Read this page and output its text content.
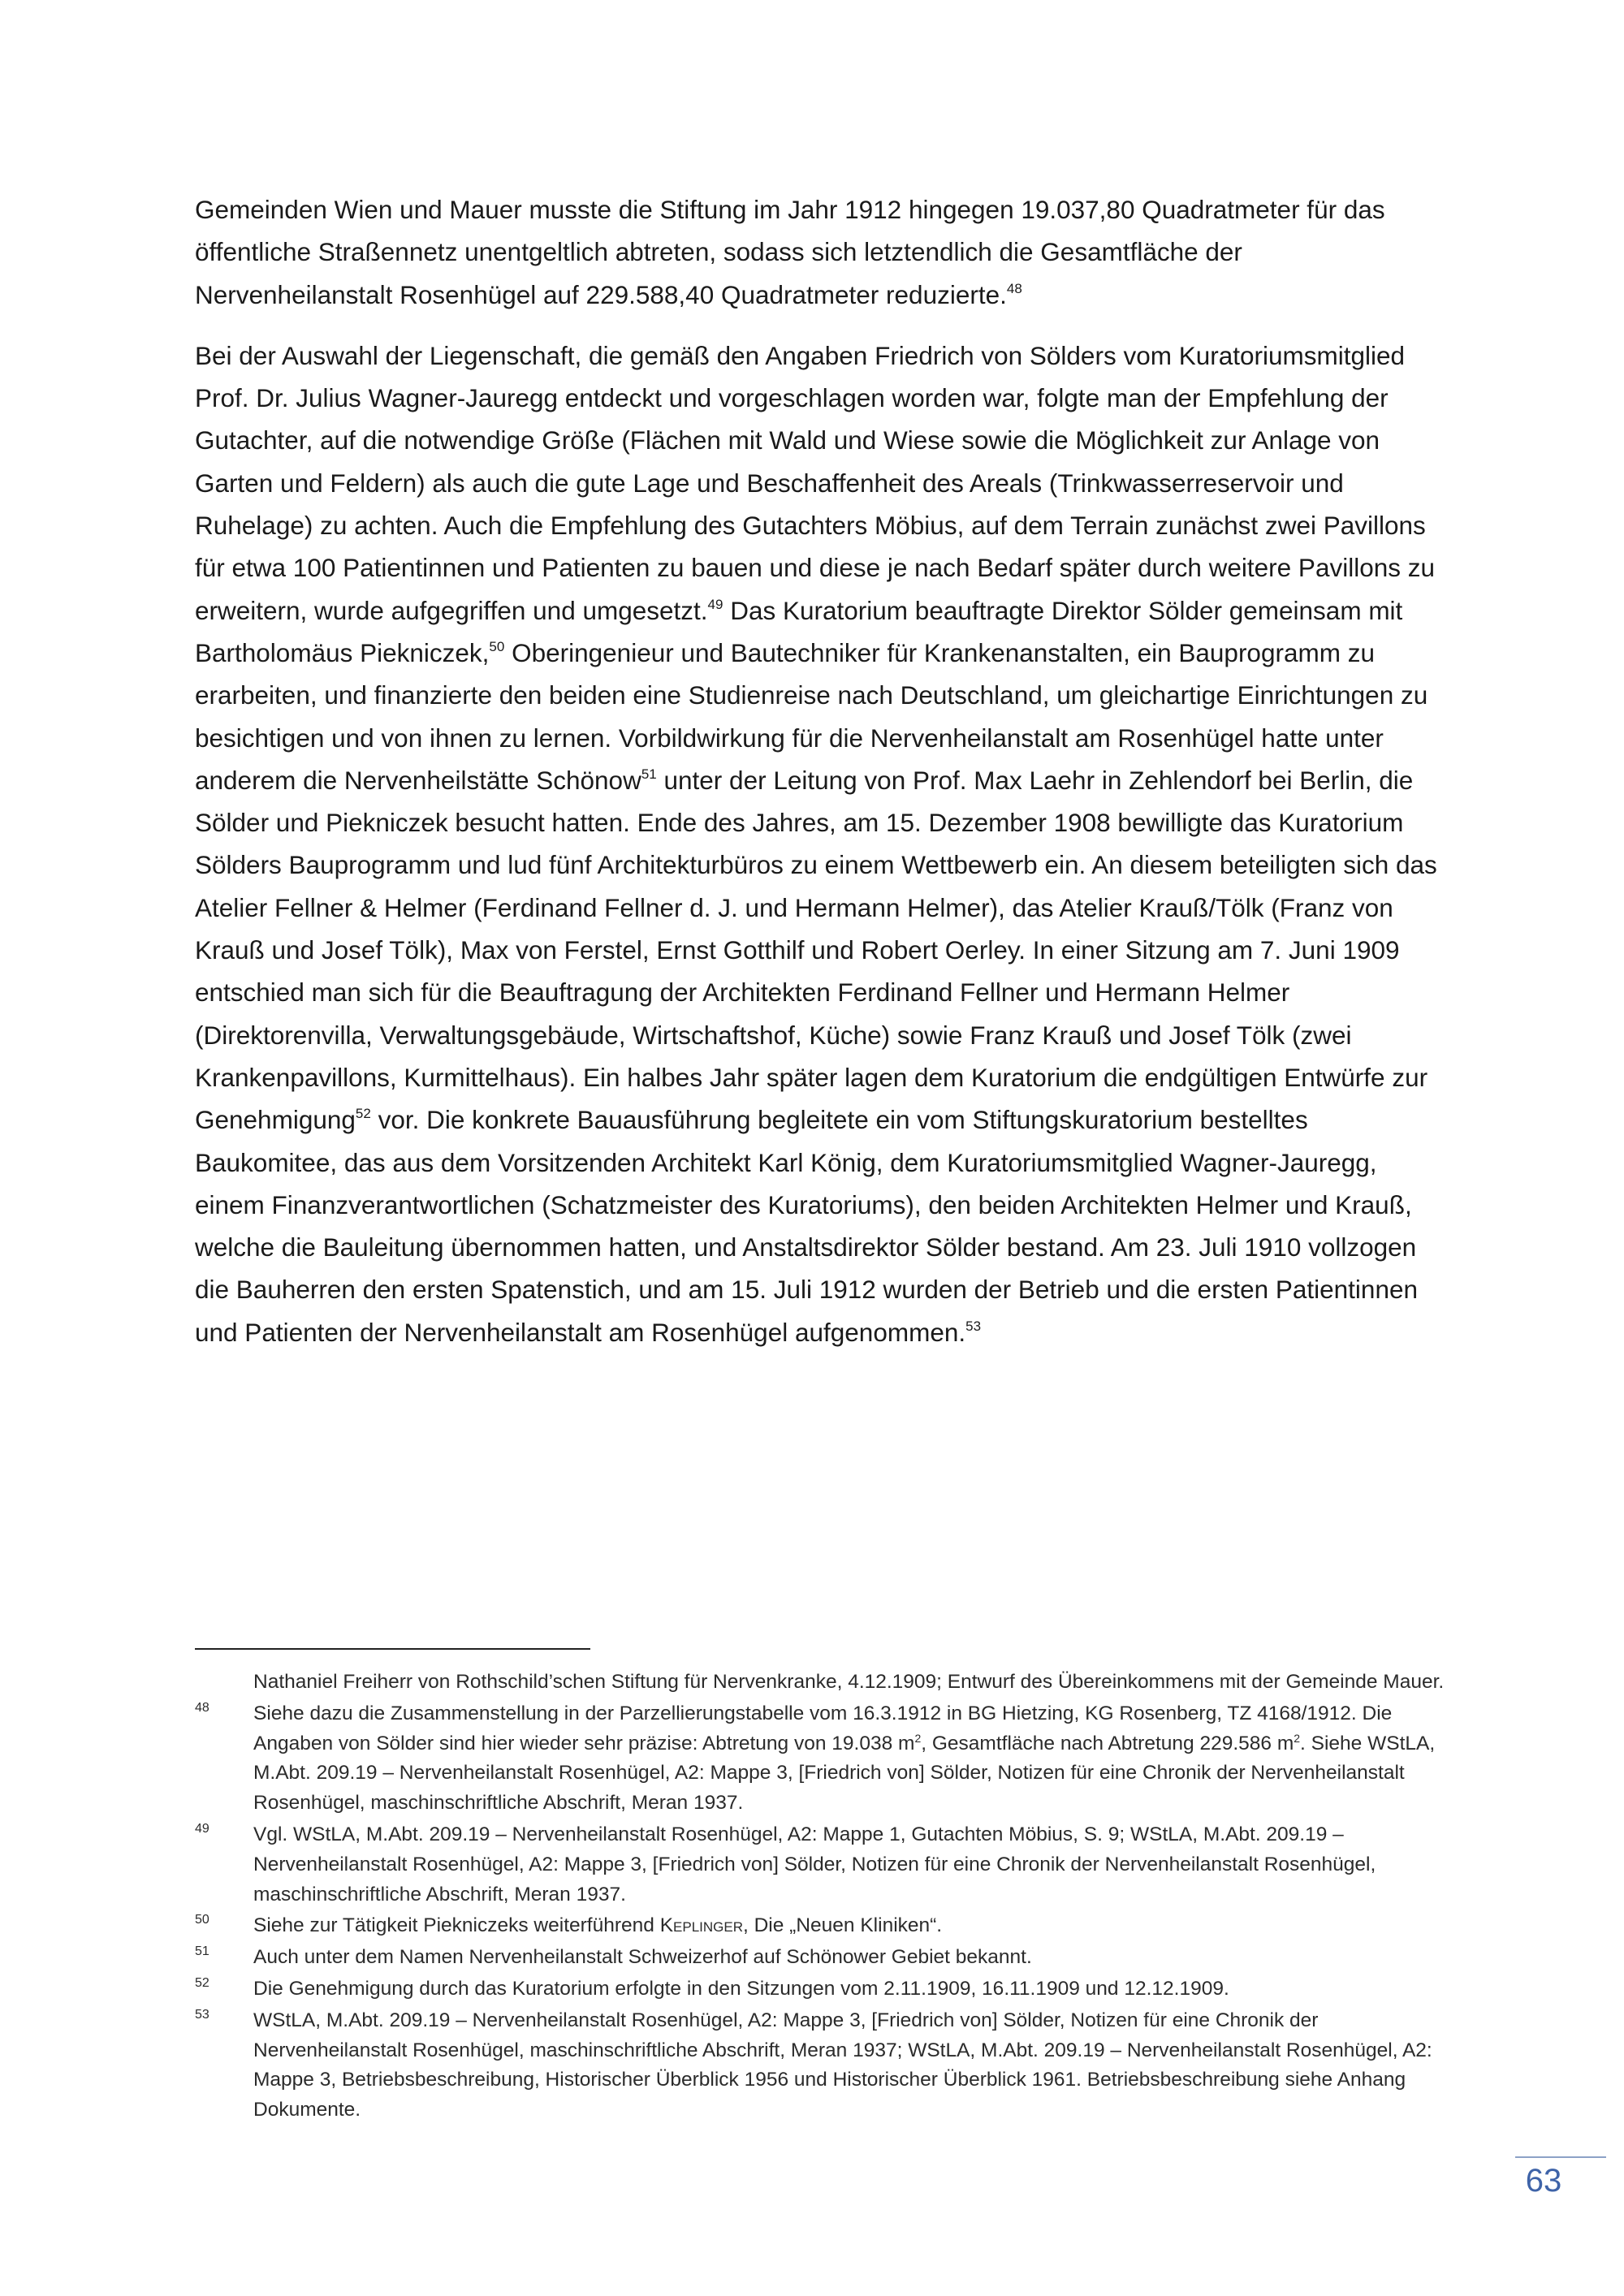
Gemeinden Wien und Mauer musste die Stiftung im Jahr 1912 hingegen 19.037,80 Quadratmeter für das öffentliche Straßennetz unentgeltlich abtreten, sodass sich letztendlich die Gesamtfläche der Nervenheilanstalt Rosenhügel auf 229.588,40 Quadratmeter reduzierte.$^{48}$

Bei der Auswahl der Liegenschaft, die gemäß den Angaben Friedrich von Sölders vom Kuratoriumsmitglied Prof. Dr. Julius Wagner-Jauregg entdeckt und vorgeschlagen worden war, folgte man der Empfehlung der Gutachter, auf die notwendige Größe (Flächen mit Wald und Wiese sowie die Möglichkeit zur Anlage von Garten und Feldern) als auch die gute Lage und Beschaffenheit des Areals (Trinkwasserreservoir und Ruhelage) zu achten. Auch die Empfehlung des Gutachters Möbius, auf dem Terrain zunächst zwei Pavillons für etwa 100 Patientinnen und Patienten zu bauen und diese je nach Bedarf später durch weitere Pavillons zu erweitern, wurde aufgegriffen und umgesetzt.$^{49}$ Das Kuratorium beauftragte Direktor Sölder gemeinsam mit Bartholomäus Piekniczek,$^{50}$ Oberingenieur und Bautechniker für Krankenanstalten, ein Bauprogramm zu erarbeiten, und finanzierte den beiden eine Studienreise nach Deutschland, um gleichartige Einrichtungen zu besichtigen und von ihnen zu lernen. Vorbildwirkung für die Nervenheilanstalt am Rosenhügel hatte unter anderem die Nervenheilstätte Schönow$^{51}$ unter der Leitung von Prof. Max Laehr in Zehlendorf bei Berlin, die Sölder und Piekniczek besucht hatten. Ende des Jahres, am 15. Dezember 1908 bewilligte das Kuratorium Sölders Bauprogramm und lud fünf Architekturbüros zu einem Wettbewerb ein. An diesem beteiligten sich das Atelier Fellner & Helmer (Ferdinand Fellner d. J. und Hermann Helmer), das Atelier Krauß/Tölk (Franz von Krauß und Josef Tölk), Max von Ferstel, Ernst Gotthilf und Robert Oerley. In einer Sitzung am 7. Juni 1909 entschied man sich für die Beauftragung der Architekten Ferdinand Fellner und Hermann Helmer (Direktorenvilla, Verwaltungsgebäude, Wirtschaftshof, Küche) sowie Franz Krauß und Josef Tölk (zwei Krankenpavillons, Kurmittelhaus). Ein halbes Jahr später lagen dem Kuratorium die endgültigen Entwürfe zur Genehmigung$^{52}$ vor. Die konkrete Bauausführung begleitete ein vom Stiftungskuratorium bestelltes Baukomitee, das aus dem Vorsitzenden Architekt Karl König, dem Kuratoriumsmitglied Wagner-Jauregg, einem Finanzverantwortlichen (Schatzmeister des Kuratoriums), den beiden Architekten Helmer und Krauß, welche die Bauleitung übernommen hatten, und Anstaltsdirektor Sölder bestand. Am 23. Juli 1910 vollzogen die Bauherren den ersten Spatenstich, und am 15. Juli 1912 wurden der Betrieb und die ersten Patientinnen und Patienten der Nervenheilanstalt am Rosenhügel aufgenommen.$^{53}$

Nathaniel Freiherr von Rothschild’schen Stiftung für Nervenkranke, 4.12.1909; Entwurf des Übereinkommens mit der Gemeinde Mauer.
48 Siehe dazu die Zusammenstellung in der Parzellierungstabelle vom 16.3.1912 in BG Hietzing, KG Rosenberg, TZ 4168/1912. Die Angaben von Sölder sind hier wieder sehr präzise: Abtretung von 19.038 $m^2$, Gesamtfläche nach Abtretung 229.586 $m^2$. Siehe WStLA, M.Abt. 209.19 – Nervenheilanstalt Rosenhügel, A2: Mappe 3, [Friedrich von] Sölder, Notizen für eine Chronik der Nervenheilanstalt Rosenhügel, maschinschriftliche Abschrift, Meran 1937.
49 Vgl. WStLA, M.Abt. 209.19 – Nervenheilanstalt Rosenhügel, A2: Mappe 1, Gutachten Möbius, S. 9; WStLA, M.Abt. 209.19 – Nervenheilanstalt Rosenhügel, A2: Mappe 3, [Friedrich von] Sölder, Notizen für eine Chronik der Nervenheilanstalt Rosenhügel, maschinschriftliche Abschrift, Meran 1937.
50 Siehe zur Tätigkeit Piekniczeks weiterführend Keplinger, Die „Neuen Kliniken“.
51 Auch unter dem Namen Nervenheilanstalt Schweizerhof auf Schönower Gebiet bekannt.
52 Die Genehmigung durch das Kuratorium erfolgte in den Sitzungen vom 2.11.1909, 16.11.1909 und 12.12.1909.
53 WStLA, M.Abt. 209.19 – Nervenheilanstalt Rosenhügel, A2: Mappe 3, [Friedrich von] Sölder, Notizen für eine Chronik der Nervenheilanstalt Rosenhügel, maschinschriftliche Abschrift, Meran 1937; WStLA, M.Abt. 209.19 – Nervenheilanstalt Rosenhügel, A2: Mappe 3, Betriebsbeschreibung, Historischer Überblick 1956 und Historischer Überblick 1961. Betriebsbeschreibung siehe Anhang Dokumente.
63
